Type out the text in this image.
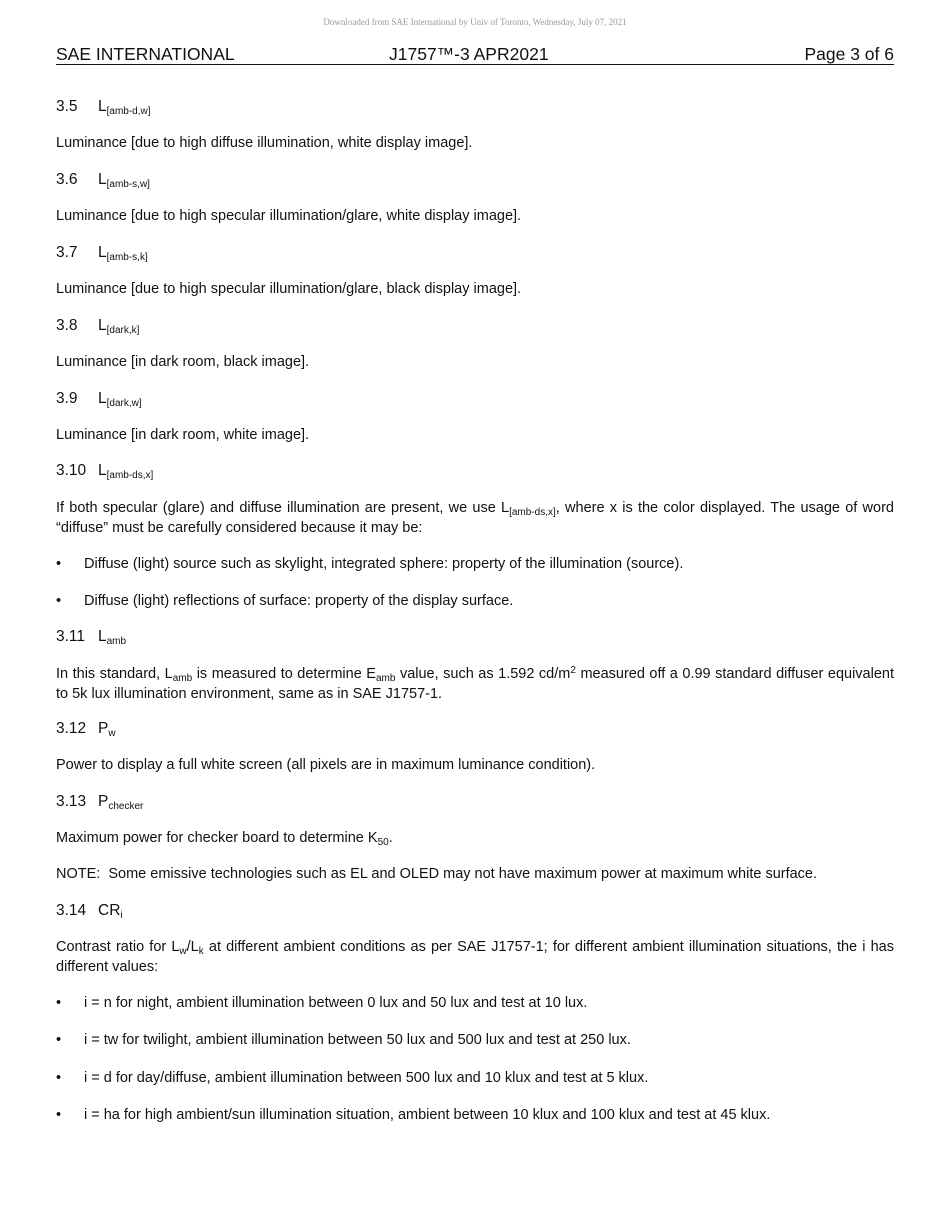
Downloaded from SAE International by Univ of Toronto, Wednesday, July 07, 2021
SAE INTERNATIONAL	J1757™-3 APR2021	Page 3 of 6
3.5 L[amb-d,w]
Luminance [due to high diffuse illumination, white display image].
3.6 L[amb-s,w]
Luminance [due to high specular illumination/glare, white display image].
3.7 L[amb-s,k]
Luminance [due to high specular illumination/glare, black display image].
3.8 L[dark,k]
Luminance [in dark room, black image].
3.9 L[dark,w]
Luminance [in dark room, white image].
3.10 L[amb-ds,x]
If both specular (glare) and diffuse illumination are present, we use $L_{[amb-ds,x]}$, where x is the color displayed. The usage of word “diffuse” must be carefully considered because it may be:
• Diffuse (light) source such as skylight, integrated sphere: property of the illumination (source).
• Diffuse (light) reflections of surface: property of the display surface.
3.11 Lamb
In this standard, $L_{amb}$ is measured to determine $E_{amb}$ value, such as 1.592 $cd/m^2$ measured off a 0.99 standard diffuser equivalent to 5k lux illumination environment, same as in SAE J1757-1.
3.12 Pw
Power to display a full white screen (all pixels are in maximum luminance condition).
3.13 Pchecker
Maximum power for checker board to determine $K_{50}$.
NOTE:  Some emissive technologies such as EL and OLED may not have maximum power at maximum white surface.
3.14 CRi
Contrast ratio for $L_w/L_k$ at different ambient conditions as per SAE J1757-1; for different ambient illumination situations, the i has different values:
• i = n for night, ambient illumination between 0 lux and 50 lux and test at 10 lux.
• i = tw for twilight, ambient illumination between 50 lux and 500 lux and test at 250 lux.
• i = d for day/diffuse, ambient illumination between 500 lux and 10 klux and test at 5 klux.
• i = ha for high ambient/sun illumination situation, ambient between 10 klux and 100 klux and test at 45 klux.
